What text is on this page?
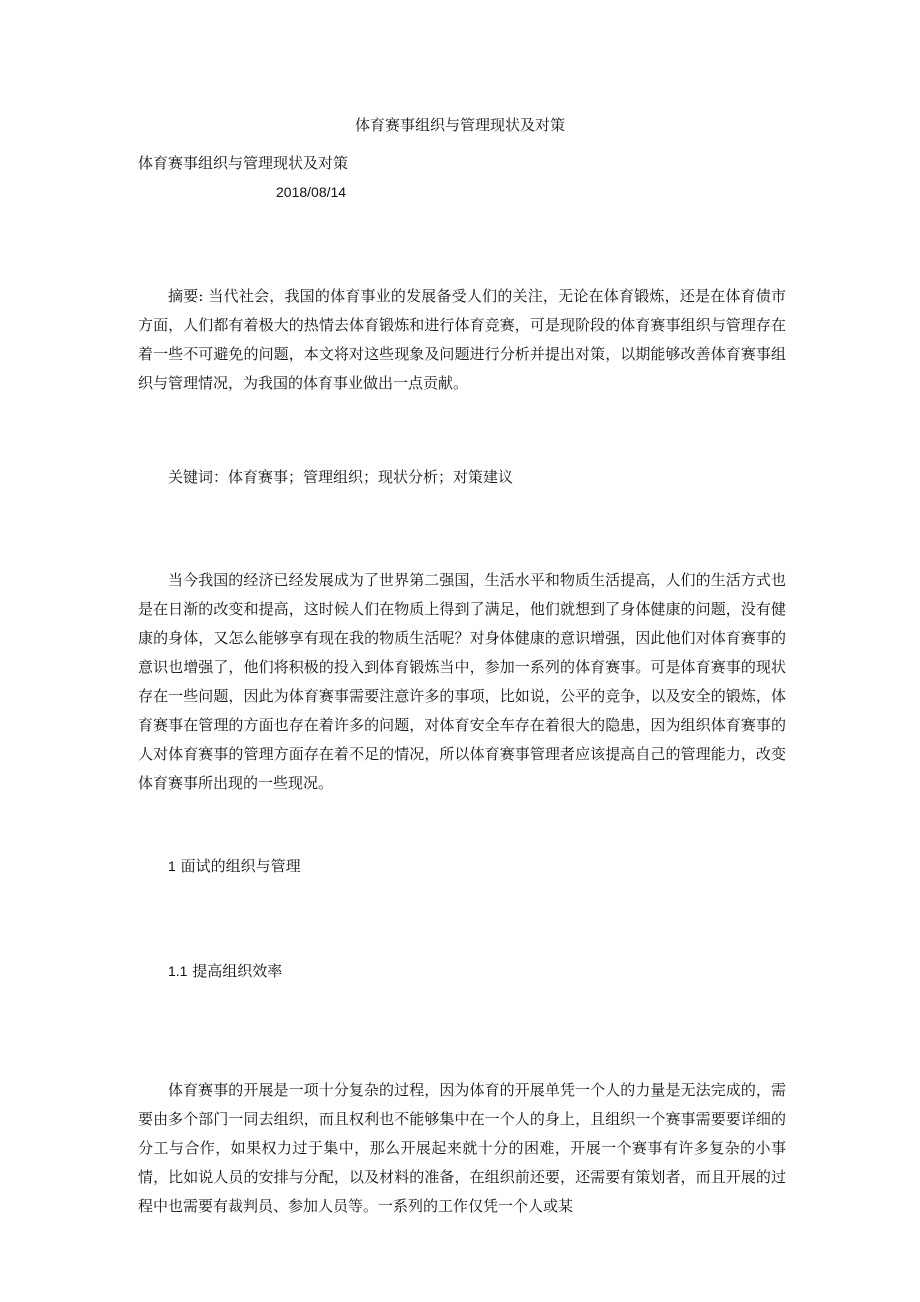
体育赛事组织与管理现状及对策
体育赛事组织与管理现状及对策
2018/08/14

摘要: 当代社会，我国的体育事业的发展备受人们的关注，无论在体育锻炼，还是在体育债市方面，人们都有着极大的热情去体育锻炼和进行体育竞赛，可是现阶段的体育赛事组织与管理存在着一些不可避免的问题，本文将对这些现象及问题进行分析并提出对策，以期能够改善体育赛事组织与管理情况，为我国的体育事业做出一点贡献。

关键词：体育赛事；管理组织；现状分析；对策建议

当今我国的经济已经发展成为了世界第二强国，生活水平和物质生活提高，人们的生活方式也是在日渐的改变和提高，这时候人们在物质上得到了满足，他们就想到了身体健康的问题，没有健康的身体，又怎么能够享有现在我的物质生活呢？对身体健康的意识增强，因此他们对体育赛事的意识也增强了，他们将积极的投入到体育锻炼当中，参加一系列的体育赛事。可是体育赛事的现状存在一些问题，因此为体育赛事需要注意许多的事项，比如说，公平的竞争，以及安全的锻炼，体育赛事在管理的方面也存在着许多的问题，对体育安全车存在着很大的隐患，因为组织体育赛事的人对体育赛事的管理方面存在着不足的情况，所以体育赛事管理者应该提高自己的管理能力，改变体育赛事所出现的一些现况。

1 面试的组织与管理
1.1 提高组织效率

体育赛事的开展是一项十分复杂的过程，因为体育的开展单凭一个人的力量是无法完成的，需要由多个部门一同去组织，而且权利也不能够集中在一个人的身上，且组织一个赛事需要要详细的分工与合作，如果权力过于集中，那么开展起来就十分的困难，开展一个赛事有许多复杂的小事情，比如说人员的安排与分配，以及材料的准备，在组织前还要，还需要有策划者，而且开展的过程中也需要有裁判员、参加人员等。一系列的工作仅凭一个人或某
